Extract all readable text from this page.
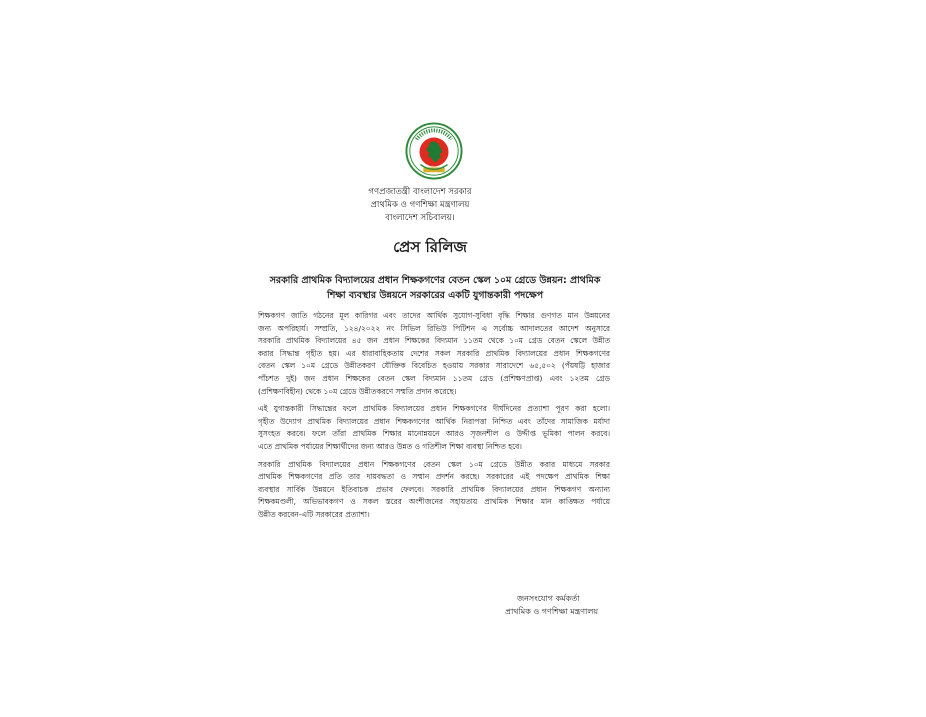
গণপ্রজাতন্ত্রী বাংলাদেশ সরকার
প্রাথমিক ও গণশিক্ষা মন্ত্রণালয়
বাংলাদেশ সচিবালয়।
প্রেস রিলিজ
সরকারি প্রাথমিক বিদ্যালয়ের প্রধান শিক্ষকগণের বেতন স্কেল ১০ম গ্রেডে উন্নয়ন: প্রাথমিক
শিক্ষা ব্যবস্থার উন্নয়নে সরকারের একটি যুগান্তকারী পদক্ষেপ
শিক্ষকগণ জাতি গঠনের মূল কারিগর এবং তাদের আর্থিক সুযোগ-সুবিধা বৃদ্ধি শিক্ষার গুণগত মান উন্নয়নের
জন্য অপরিহার্য। সম্প্রতি, ১২৪/২০২২ নং সিভিল রিভিউ পিটিশন এ সর্বোচ্চ আদালতের আদেশ অনুসারে
সরকারি প্রাথমিক বিদ্যালয়ের ৪৫ জন প্রধান শিক্ষকের বিদ্যমান ১১তম থেকে ১০ম গ্রেড বেতন স্কেলে উন্নীত
করার সিদ্ধান্ত গৃহীত হয়। এর ধারাবাহিকতায় দেশের সকল সরকারি প্রাথমিক বিদ্যালয়ের প্রধান শিক্ষকগণের
বেতন স্কেল ১০ম গ্রেডে উন্নীতকরণ যৌক্তিক বিবেচিত হওয়ায় সরকার সারাদেশে ৬৫,৫০২ (পঁয়ষট্টি হাজার
পাঁচশত দুই) জন প্রধান শিক্ষকের বেতন স্কেল বিদ্যমান ১১তম গ্রেড (প্রশিক্ষণপ্রাপ্ত) এবং ১২তম গ্রেড
(প্রশিক্ষণবিহীন) থেকে ১০ম গ্রেডে উন্নীতকরণে সম্মতি প্রদান করেছে।
এই যুগান্তকারী সিদ্ধান্তের ফলে প্রাথমিক বিদ্যালয়ের প্রধান শিক্ষকগণের দীর্ঘদিনের প্রত্যাশা পূরণ করা হলো।
গৃহীত উদ্যোগ প্রাথমিক বিদ্যালয়ের প্রধান শিক্ষকগণের আর্থিক নিরাপত্তা নিশ্চিত এবং তাঁদের সামাজিক মর্যাদা
সুসংহত করবে। ফলে তাঁরা প্রাথমিক শিক্ষার মানোন্নয়নে আরও সৃজনশীল ও উদ্দীপ্ত ভূমিকা পালন করবে।
এতে প্রাথমিক পর্যায়ের শিক্ষার্থীদের জন্য আরও উন্নত ও গতিশীল শিক্ষা ব্যবস্থা নিশ্চিত হবে।
সরকারি প্রাথমিক বিদ্যালয়ের প্রধান শিক্ষকগণের বেতন স্কেল ১০ম গ্রেডে উন্নীত করার মাধ্যমে সরকার
প্রাথমিক শিক্ষকগণের প্রতি তার দায়বদ্ধতা ও সম্মান প্রদর্শন করছে। সরকারের এই পদক্ষেপ প্রাথমিক শিক্ষা
ব্যবস্থার সার্বিক উন্নয়নে ইতিবাচক প্রভাব ফেলবে। সরকারি প্রাথমিক বিদ্যালয়ের প্রধান শিক্ষকগণ অন্যান্য
শিক্ষকমণ্ডলী, অভিভাবকগণ ও সকল স্তরের অংশীজনের সহায়তায় প্রাথমিক শিক্ষার মান কাঙ্ক্ষিত পর্যায়ে
উন্নীত করবেন-এটি সরকারের প্রত্যাশা।
জনসংযোগ কর্মকর্তা
প্রাথমিক ও গণশিক্ষা মন্ত্রণালয়
